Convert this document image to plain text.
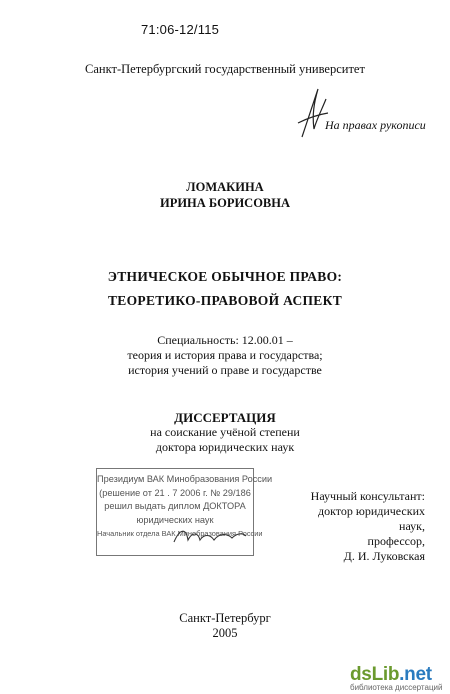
71:06-12/115
Санкт-Петербургский государственный университет
На правах рукописи
ЛОМАКИНА
ИРИНА БОРИСОВНА
ЭТНИЧЕСКОЕ ОБЫЧНОЕ ПРАВО:
ТЕОРЕТИКО-ПРАВОВОЙ АСПЕКТ
Специальность: 12.00.01 –
теория и история права и государства;
история учений о праве и государстве
ДИССЕРТАЦИЯ
на соискание учёной степени
доктора юридических наук
Президиум ВАК Минобразования России
(решение от 21 . 7 2006 г. № 29/186
решил выдать диплом ДОКТОРА
юридических наук
Начальник отдела ВАК Минобразования России
Научный консультант:
доктор юридических наук,
профессор,
Д. И. Луковская
Санкт-Петербург
2005
dsLib.net
библиотека диссертаций
